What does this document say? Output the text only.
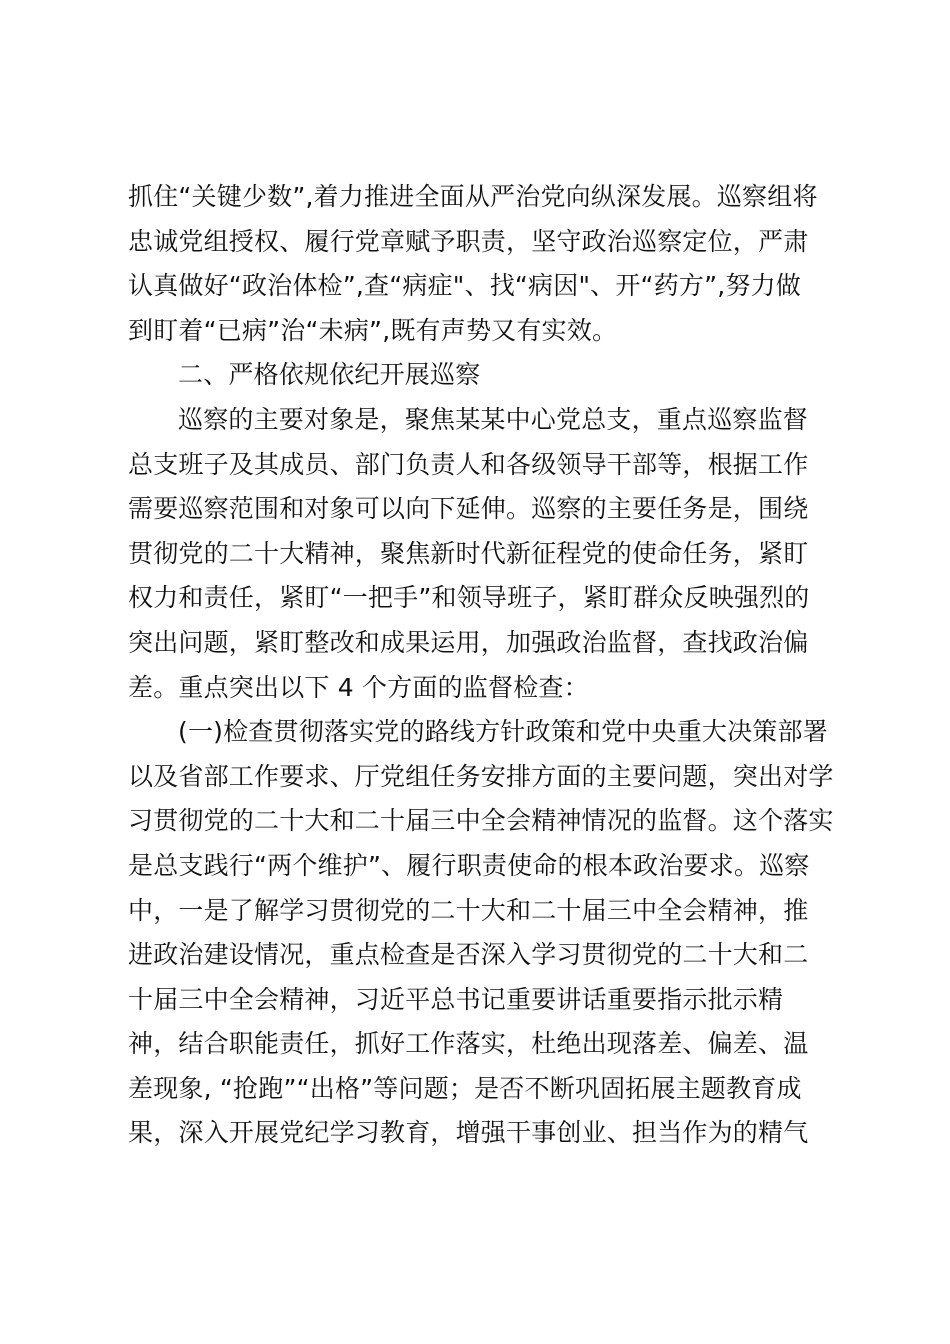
抓住“关键少数”,着力推进全面从严治党向纵深发展。巡察组将
忠诚党组授权、履行党章赋予职责，坚守政治巡察定位，严肃
认真做好“政治体检”,查“病症"、找“病因"、开“药方”,努力做
到盯着“已病”治“未病”,既有声势又有实效。
二、严格依规依纪开展巡察
巡察的主要对象是，聚焦某某中心党总支，重点巡察监督
总支班子及其成员、部门负责人和各级领导干部等，根据工作
需要巡察范围和对象可以向下延伸。巡察的主要任务是，围绕
贯彻党的二十大精神，聚焦新时代新征程党的使命任务，紧盯
权力和责任，紧盯“一把手”和领导班子，紧盯群众反映强烈的
突出问题，紧盯整改和成果运用，加强政治监督，查找政治偏
差。重点突出以下 4 个方面的监督检查：
(一)检查贯彻落实党的路线方针政策和党中央重大决策部署
以及省部工作要求、厅党组任务安排方面的主要问题，突出对学
习贯彻党的二十大和二十届三中全会精神情况的监督。这个落实
是总支践行“两个维护”、履行职责使命的根本政治要求。巡察
中，一是了解学习贯彻党的二十大和二十届三中全会精神，推
进政治建设情况，重点检查是否深入学习贯彻党的二十大和二
十届三中全会精神，习近平总书记重要讲话重要指示批示精
神，结合职能责任，抓好工作落实，杜绝出现落差、偏差、温
差现象, “抢跑”“出格”等问题；是否不断巩固拓展主题教育成
果，深入开展党纪学习教育，增强干事创业、担当作为的精气
